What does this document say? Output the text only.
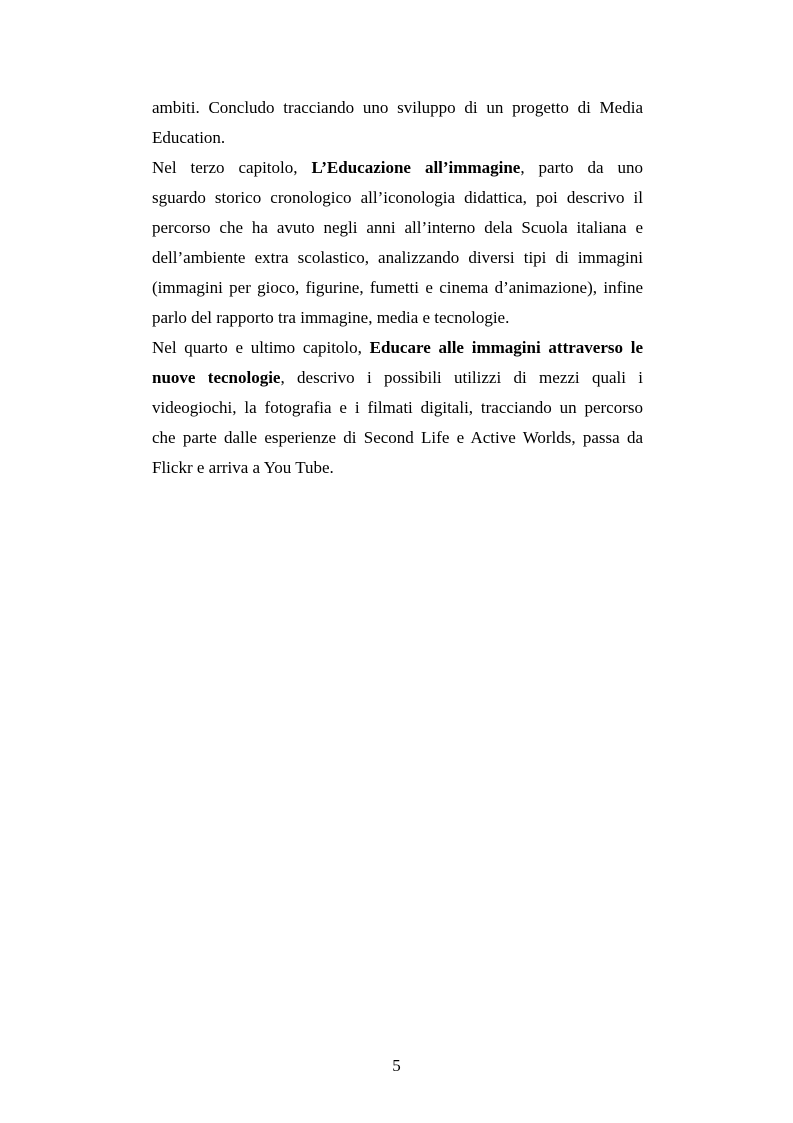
ambiti. Concludo tracciando uno sviluppo di un progetto di Media
Education.
Nel terzo capitolo, L’Educazione all’immagine, parto da uno
sguardo storico cronologico all’iconologia didattica, poi descrivo il
percorso che ha avuto negli anni all’interno dela Scuola italiana e
dell’ambiente extra scolastico, analizzando diversi tipi di immagini
(immagini per gioco, figurine, fumetti e cinema d’animazione), infine
parlo del rapporto tra immagine, media e tecnologie.
Nel quarto e ultimo capitolo, Educare alle immagini attraverso le
nuove tecnologie, descrivo i possibili utilizzi di mezzi quali i
videogiochi, la fotografia e i filmati digitali, tracciando un percorso
che parte dalle esperienze di Second Life e Active Worlds, passa da
Flickr e arriva a You Tube.
5
